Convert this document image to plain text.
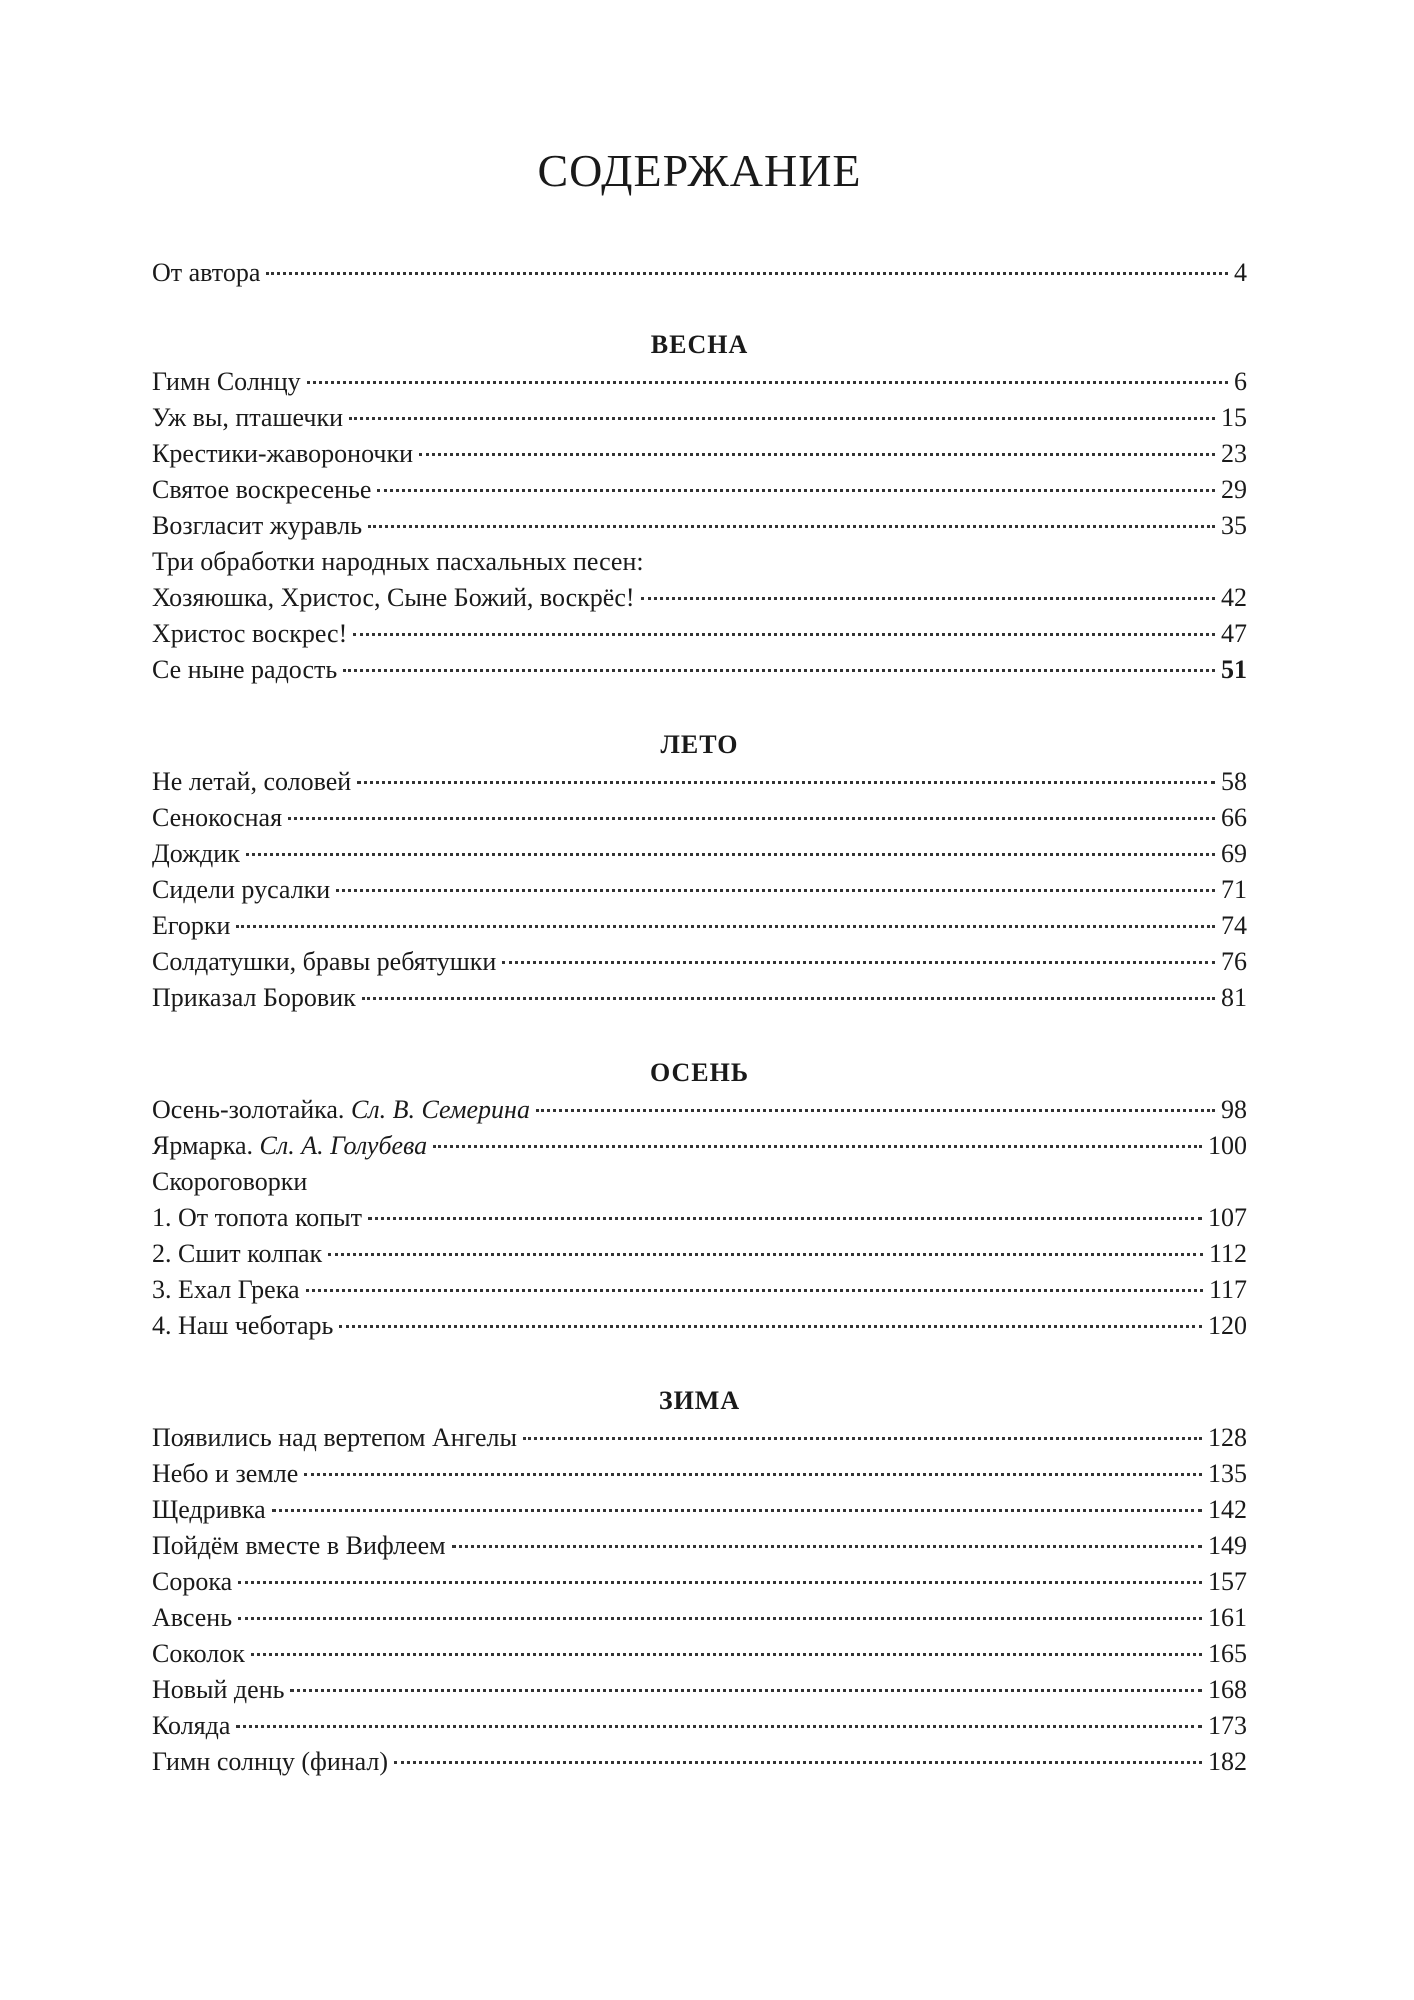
СОДЕРЖАНИЕ
От автора	4
ВЕСНА
Гимн Солнцу	6
Уж вы, пташечки	15
Крестики-жавороночки	23
Святое воскресенье	29
Возгласит журавль	35
Три обработки народных пасхальных песен:
Хозяюшка, Христос, Сыне Божий, воскрёс!	42
Христос воскрес!	47
Се ныне радость	51
ЛЕТО
Не летай, соловей	58
Сенокосная	66
Дождик	69
Сидели русалки	71
Егорки	74
Солдатушки, бравы ребятушки	76
Приказал Боровик	81
ОСЕНЬ
Осень-золотайка. Сл. В. Семерина	98
Ярмарка. Сл. А. Голубева	100
Скороговорки
1. От топота копыт	107
2. Сшит колпак	112
3. Ехал Грека	117
4. Наш чеботарь	120
ЗИМА
Появились над вертепом Ангелы	128
Небо и земле	135
Щедривка	142
Пойдём вместе в Вифлеем	149
Сорока	157
Авсень	161
Соколок	165
Новый день	168
Коляда	173
Гимн солнцу (финал)	182
